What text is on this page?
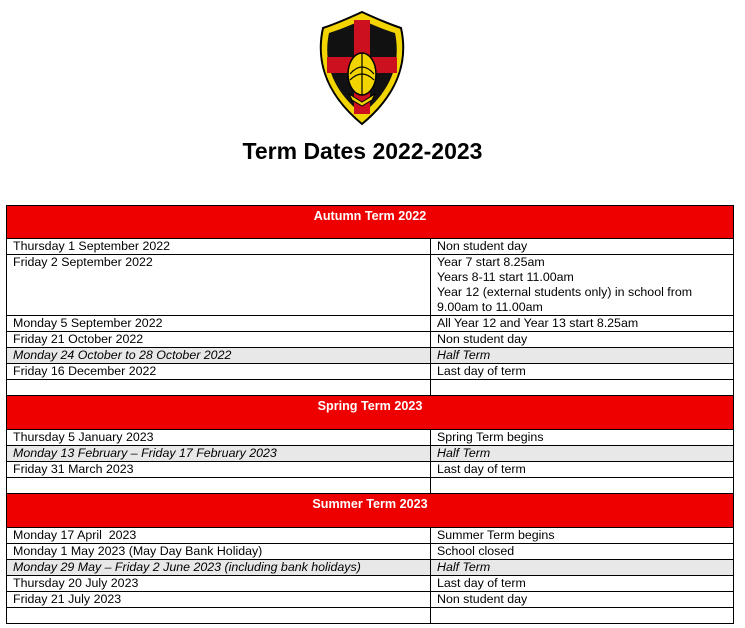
Term Dates 2022-2023
Autumn Term 2022	
Thursday 1 September 2022	Non student day
Friday 2 September 2022	Year 7 start 8.25am
Years 8-11 start 11.00am
Year 12 (external students only) in school from
9.00am to 11.00am

Monday 5 September 2022	All Year 12 and Year 13 start 8.25am
Friday 21 October 2022	Non student day
Monday 24 October to 28 October 2022	Half Term
Friday 16 December 2022	Last day of term

Spring Term 2023	
Thursday 5 January 2023	Spring Term begins
Monday 13 February – Friday 17 February 2023	Half Term
Friday 31 March 2023	Last day of term

Summer Term 2023	
Monday 17 April  2023	Summer Term begins
Monday 1 May 2023 (May Day Bank Holiday)	School closed
Monday 29 May – Friday 2 June 2023 (including bank holidays)	Half Term
Thursday 20 July 2023	Last day of term
Friday 21 July 2023	Non student day
